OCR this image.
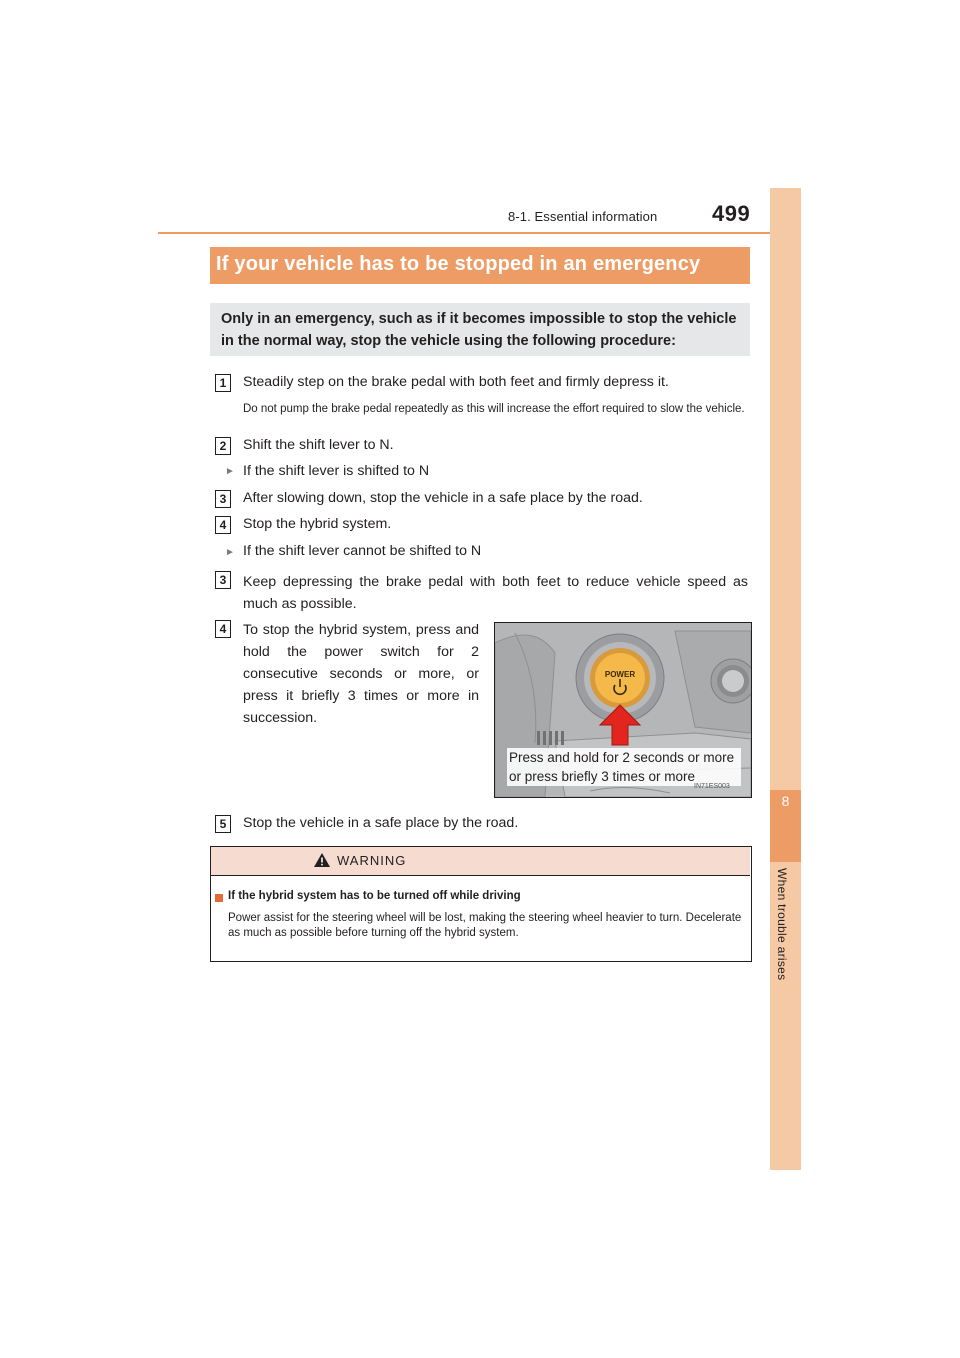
8-1. Essential information 499
8
When trouble arises
If your vehicle has to be stopped in an emergency
Only in an emergency, such as if it becomes impossible to stop the vehicle in the normal way, stop the vehicle using the following procedure:
1	Steadily step on the brake pedal with both feet and firmly depress it.
Do not pump the brake pedal repeatedly as this will increase the effort required to slow the vehicle.
2	Shift the shift lever to N.
► If the shift lever is shifted to N
3	After slowing down, stop the vehicle in a safe place by the road.
4	Stop the hybrid system.
► If the shift lever cannot be shifted to N
3	Keep depressing the brake pedal with both feet to reduce vehicle speed as much as possible.
4	To stop the hybrid system, press and hold the power switch for 2 consecutive seconds or more, or press it briefly 3 times or more in succession.
POWER
Press and hold for 2 seconds or more
or press briefly 3 times or more
IN71ES003
5	Stop the vehicle in a safe place by the road.
WARNING
If the hybrid system has to be turned off while driving
Power assist for the steering wheel will be lost, making the steering wheel heavier to turn. Decelerate as much as possible before turning off the hybrid system.
